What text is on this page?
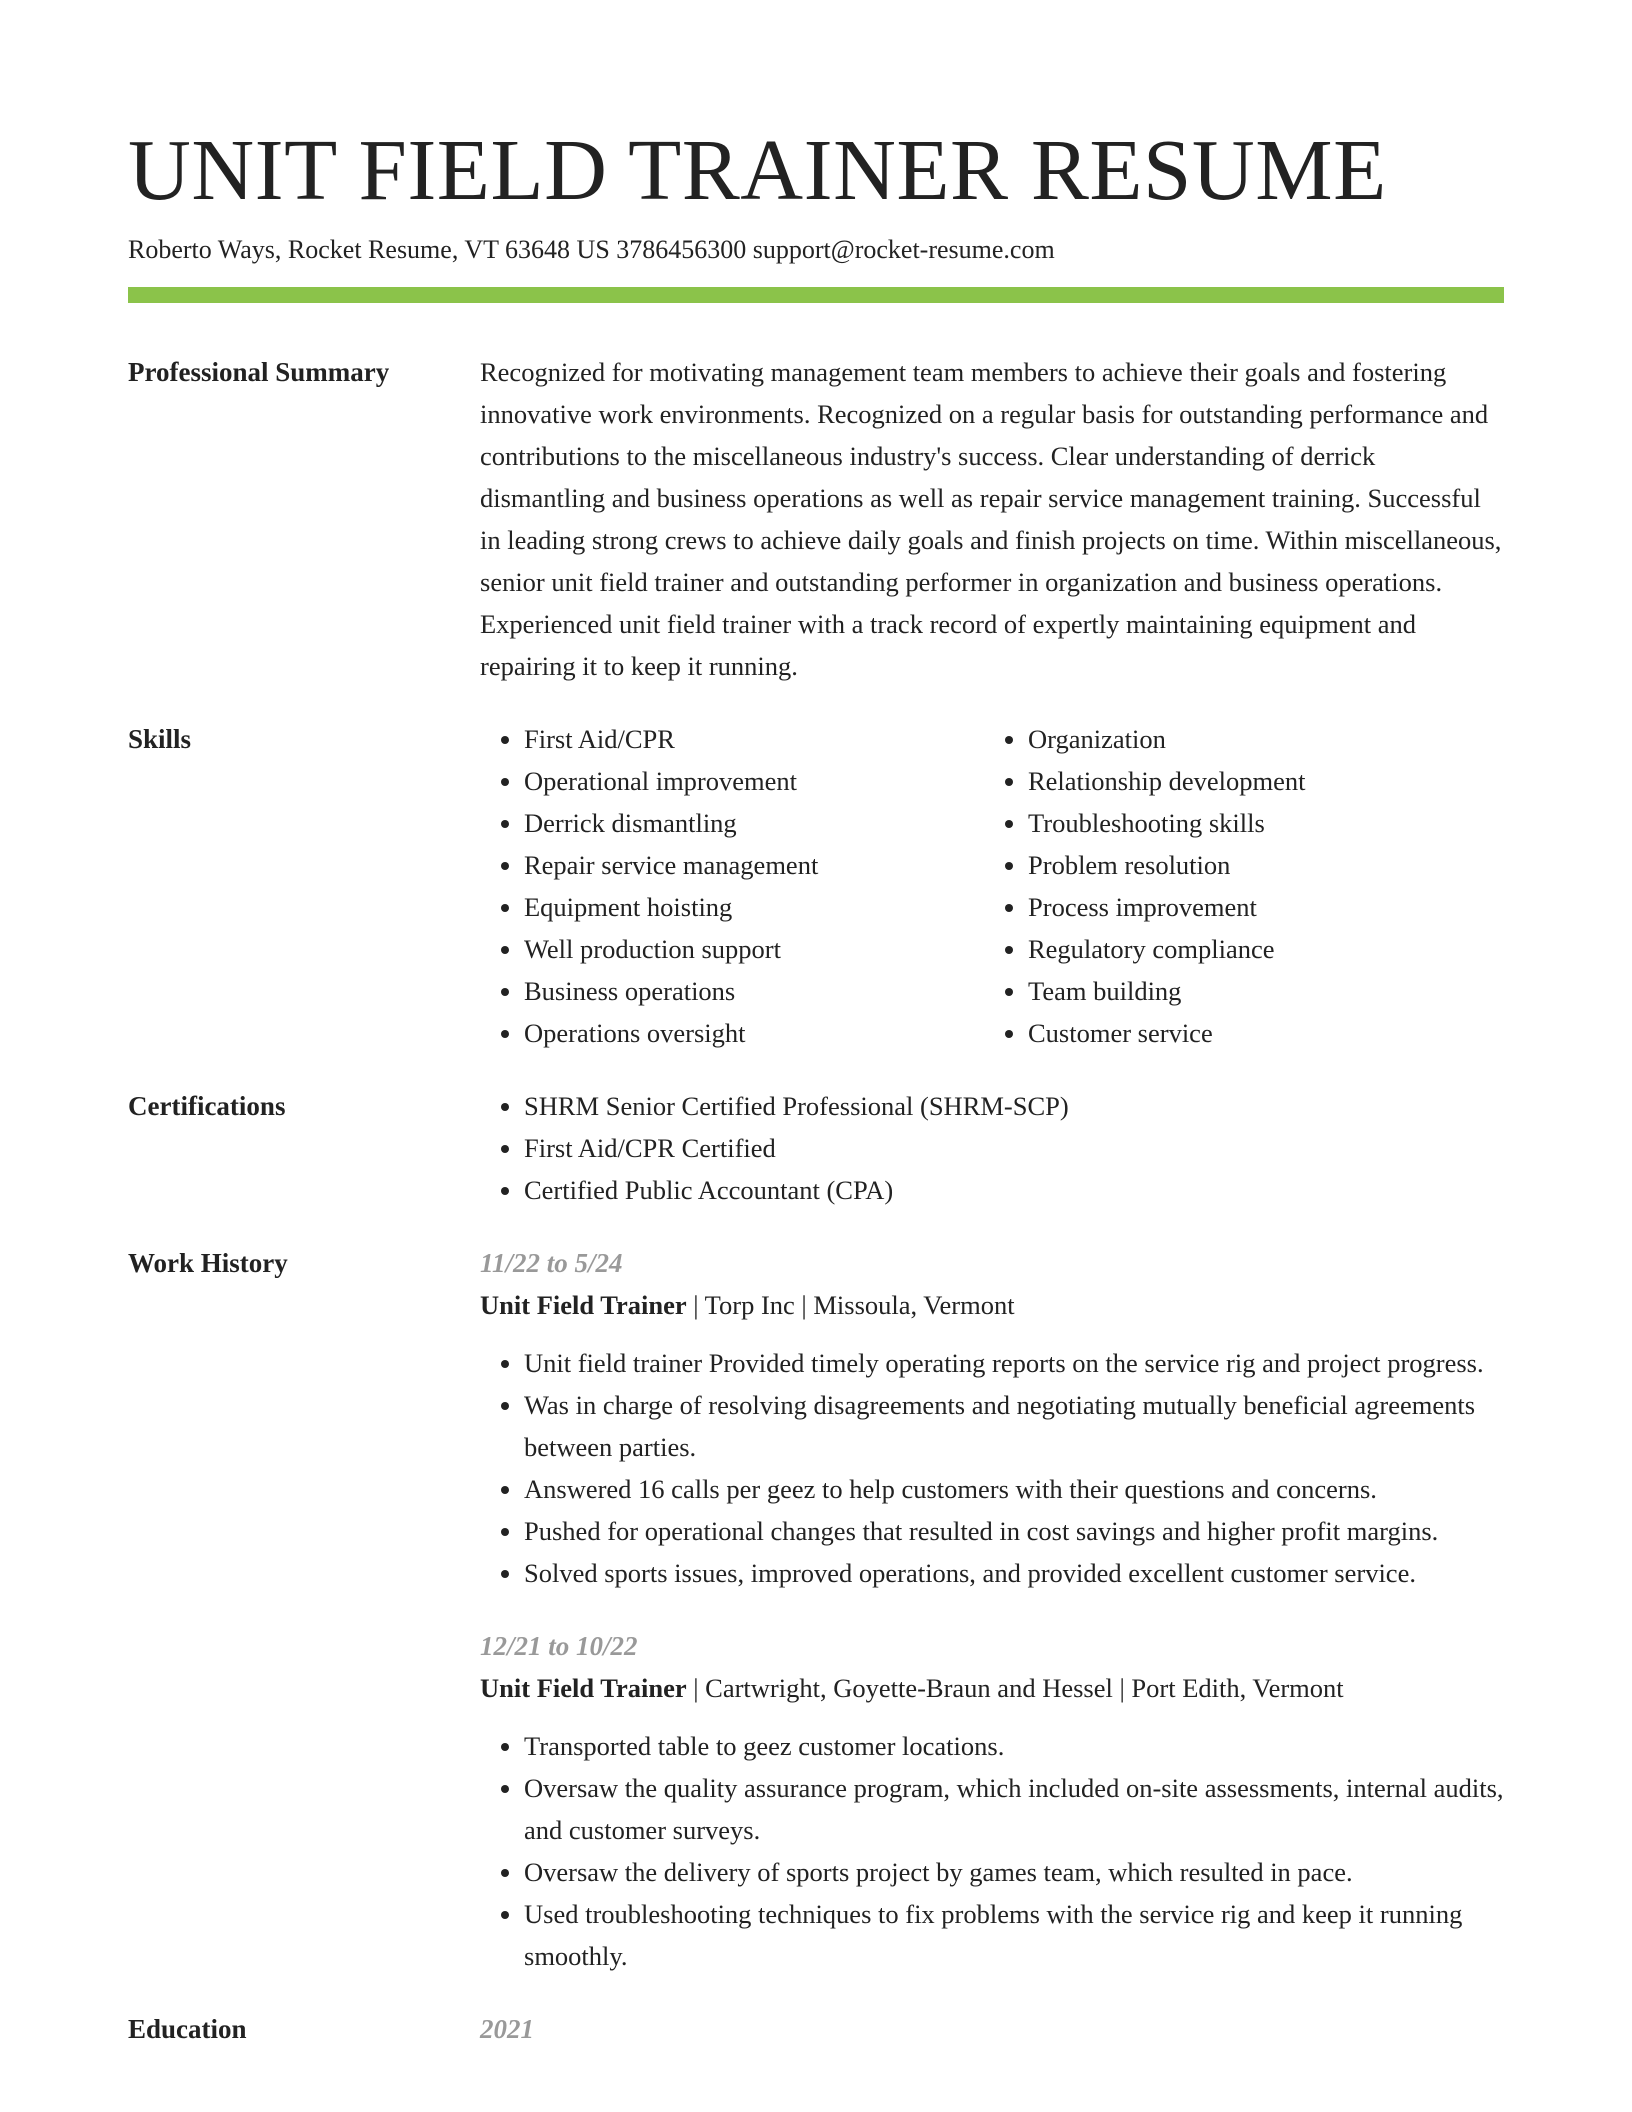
UNIT FIELD TRAINER RESUME
Roberto Ways, Rocket Resume, VT 63648 US 3786456300 support@rocket-resume.com
Professional Summary	Recognized for motivating management team members to achieve their goals and fostering innovative work environments. Recognized on a regular basis for outstanding performance and contributions to the miscellaneous industry's success. Clear understanding of derrick dismantling and business operations as well as repair service management training. Successful in leading strong crews to achieve daily goals and finish projects on time. Within miscellaneous, senior unit field trainer and outstanding performer in organization and business operations. Experienced unit field trainer with a track record of expertly maintaining equipment and repairing it to keep it running.

Skills	• First Aid/CPR
• Operational improvement
• Derrick dismantling
• Repair service management
• Equipment hoisting
• Well production support
• Business operations
• Operations oversight
• Organization
• Relationship development
• Troubleshooting skills
• Problem resolution
• Process improvement
• Regulatory compliance
• Team building
• Customer service
Certifications	• SHRM Senior Certified Professional (SHRM-SCP)
• First Aid/CPR Certified
• Certified Public Accountant (CPA)
Work History	11/22 to 5/24
Unit Field Trainer | Torp Inc | Missoula, Vermont
• Unit field trainer Provided timely operating reports on the service rig and project progress.
• Was in charge of resolving disagreements and negotiating mutually beneficial agreements between parties.
• Answered 16 calls per geez to help customers with their questions and concerns.
• Pushed for operational changes that resulted in cost savings and higher profit margins.
• Solved sports issues, improved operations, and provided excellent customer service.
12/21 to 10/22
Unit Field Trainer | Cartwright, Goyette-Braun and Hessel | Port Edith, Vermont
• Transported table to geez customer locations.
• Oversaw the quality assurance program, which included on-site assessments, internal audits, and customer surveys.
• Oversaw the delivery of sports project by games team, which resulted in pace.
• Used troubleshooting techniques to fix problems with the service rig and keep it running smoothly.
Education	2021
